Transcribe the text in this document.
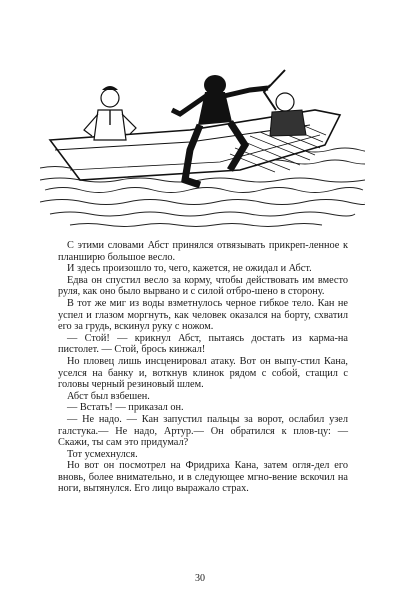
С этими словами Абст принялся отвязывать прикреп-ленное к планширю большое весло.

И здесь произошло то, чего, кажется, не ожидал и Абст.

Едва он спустил весло за корму, чтобы действовать им вместо руля, как оно было вырвано и с силой отбро-шено в сторону.

В тот же миг из воды взметнулось черное гибкое тело. Кан не успел и глазом моргнуть, как человек оказался на борту, схватил его за грудь, вскинул руку с ножом.

— Стой! — крикнул Абст, пытаясь достать из карма-на пистолет. — Стой, брось кинжал!

Но пловец лишь инсценировал атаку. Вот он выпу-стил Кана, уселся на банку и, воткнув клинок рядом с собой, стащил с головы черный резиновый шлем.

Абст был взбешен.

— Встать! — приказал он.

— Не надо. — Кан запустил пальцы за ворот, ослабил узел галстука.— Не надо, Артур.— Он обратился к плов-цу: — Скажи, ты сам это придумал?

Тот усмехнулся.

Но вот он посмотрел на Фридриха Кана, затем огля-дел его вновь, более внимательно, и в следующее мгно-вение вскочил на ноги, вытянулся. Его лицо выражало страх.

30
